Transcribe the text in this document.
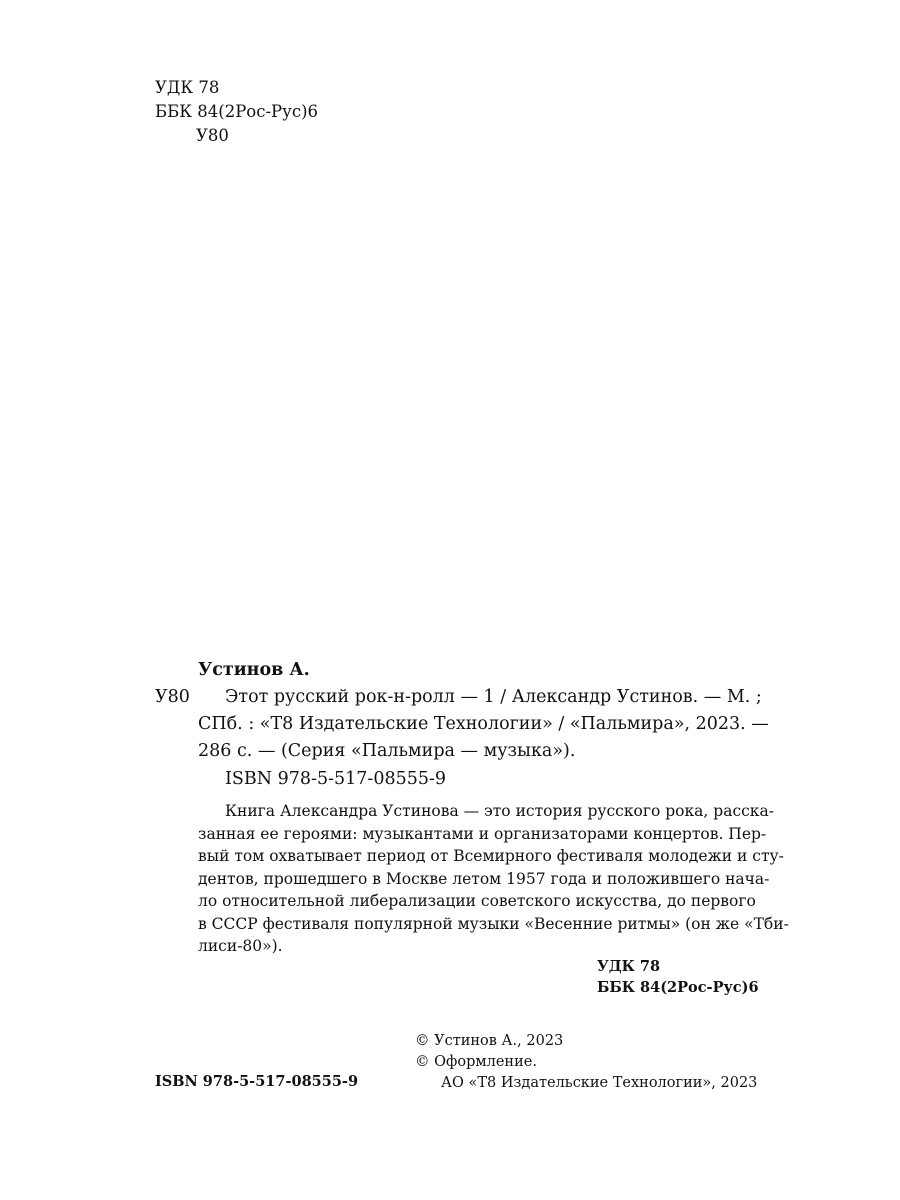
УДК 78
ББК 84(2Рос-Рус)6
У80
Устинов А.
У80 Этот русский рок-н-ролл — 1 / Александр Устинов. — М. ;
СПб. : «Т8 Издательские Технологии» / «Пальмира», 2023. —
286 с. — (Серия «Пальмира — музыка»).
ISBN 978-5-517-08555-9
Книга Александра Устинова — это история русского рока, расска-
занная ее героями: музыкантами и организаторами концертов. Пер-
вый том охватывает период от Всемирного фестиваля молодежи и сту-
дентов, прошедшего в Москве летом 1957 года и положившего нача-
ло относительной либерализации советского искусства, до первого
в СССР фестиваля популярной музыки «Весенние ритмы» (он же «Тби-
лиси-80»).
УДК 78
ББК 84(2Рос-Рус)6
ISBN 978-5-517-08555-9
© Устинов А., 2023
© Оформление.
АО «Т8 Издательские Технологии», 2023
